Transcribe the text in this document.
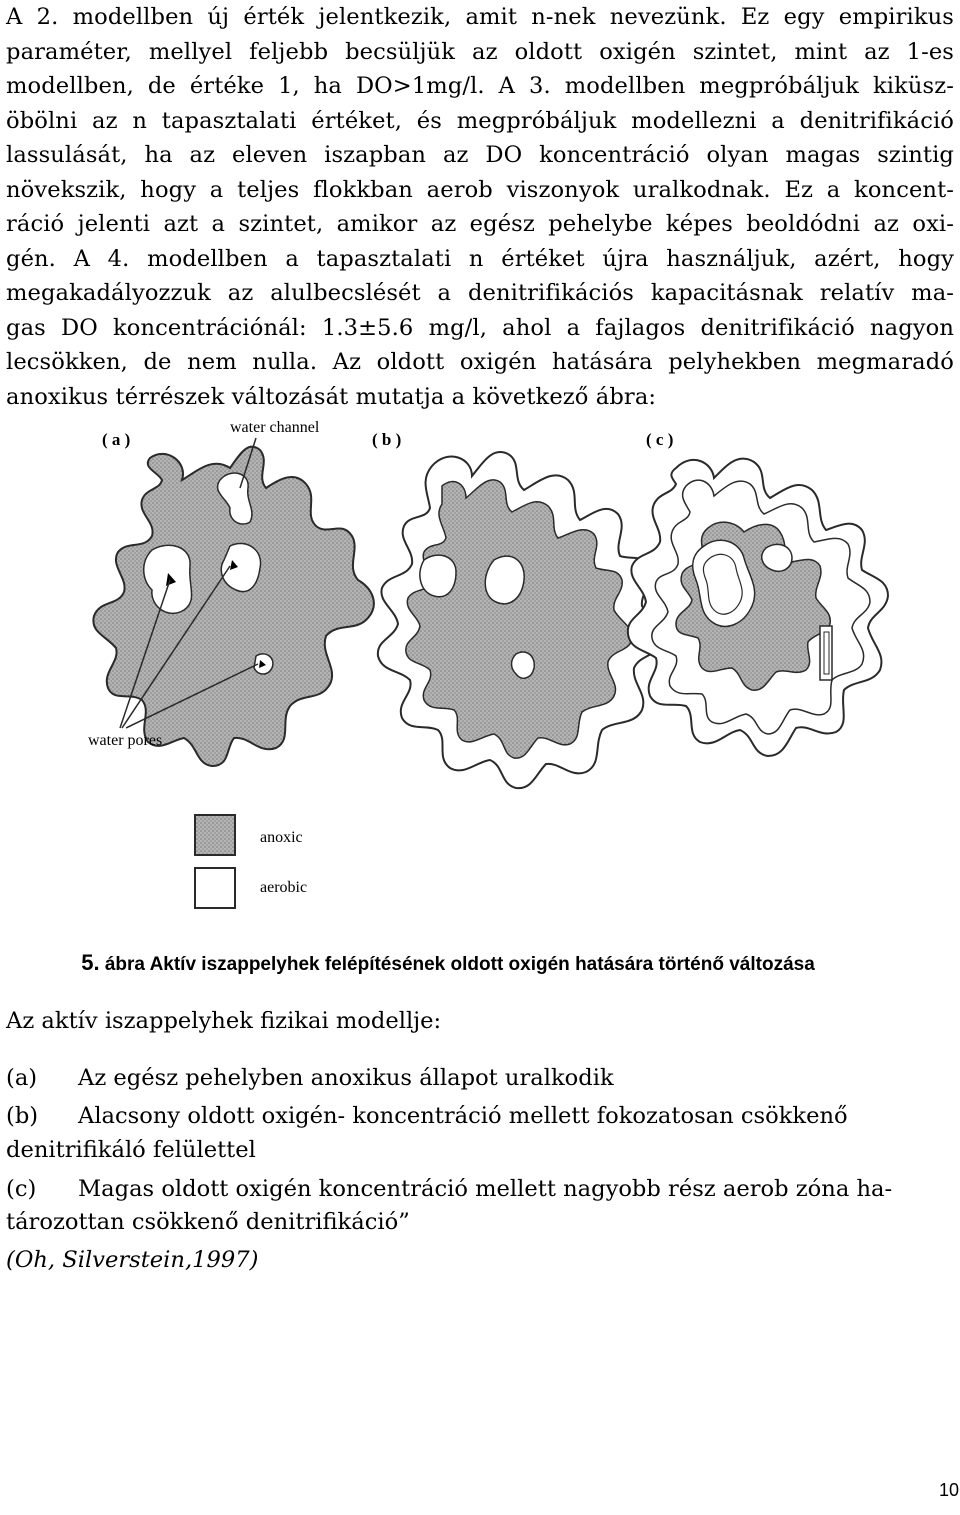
A 2. modellben új érték jelentkezik, amit n-nek nevezünk. Ez egy empirikus
paraméter, mellyel feljebb becsüljük az oldott oxigén szintet, mint az 1-es
modellben, de értéke 1, ha DO>1mg/l. A 3. modellben megpróbáljuk kiküsz-
öbölni az n tapasztalati értéket, és megpróbáljuk modellezni a denitrifikáció
lassulását, ha az eleven iszapban az DO koncentráció olyan magas szintig
növekszik, hogy a teljes flokkban aerob viszonyok uralkodnak. Ez a koncent-
ráció jelenti azt a szintet, amikor az egész pehelybe képes beoldódni az oxi-
gén. A 4. modellben a tapasztalati n értéket újra használjuk, azért, hogy
megakadályozzuk az alulbecslését a denitrifikációs kapacitásnak relatív ma-
gas DO koncentrációnál: 1.3±5.6 mg/l, ahol a fajlagos denitrifikáció nagyon
lecsökken, de nem nulla. Az oldott oxigén hatására pelyhekben megmaradó
anoxikus térrészek változását mutatja a következő ábra:
( a )	( b )	( c )
water channel
water pores
anoxic
aerobic
5. ábra Aktív iszappelyhek felépítésének oldott oxigén hatására történő változása
Az aktív iszappelyhek fizikai modellje:
(a) Az egész pehelyben anoxikus állapot uralkodik
(b) Alacsony oldott oxigén- koncentráció mellett fokozatosan csökkenő
denitrifikáló felülettel
(c) Magas oldott oxigén koncentráció mellett nagyobb rész aerob zóna ha-
tározottan csökkenő denitrifikáció”
(Oh, Silverstein,1997)
10
